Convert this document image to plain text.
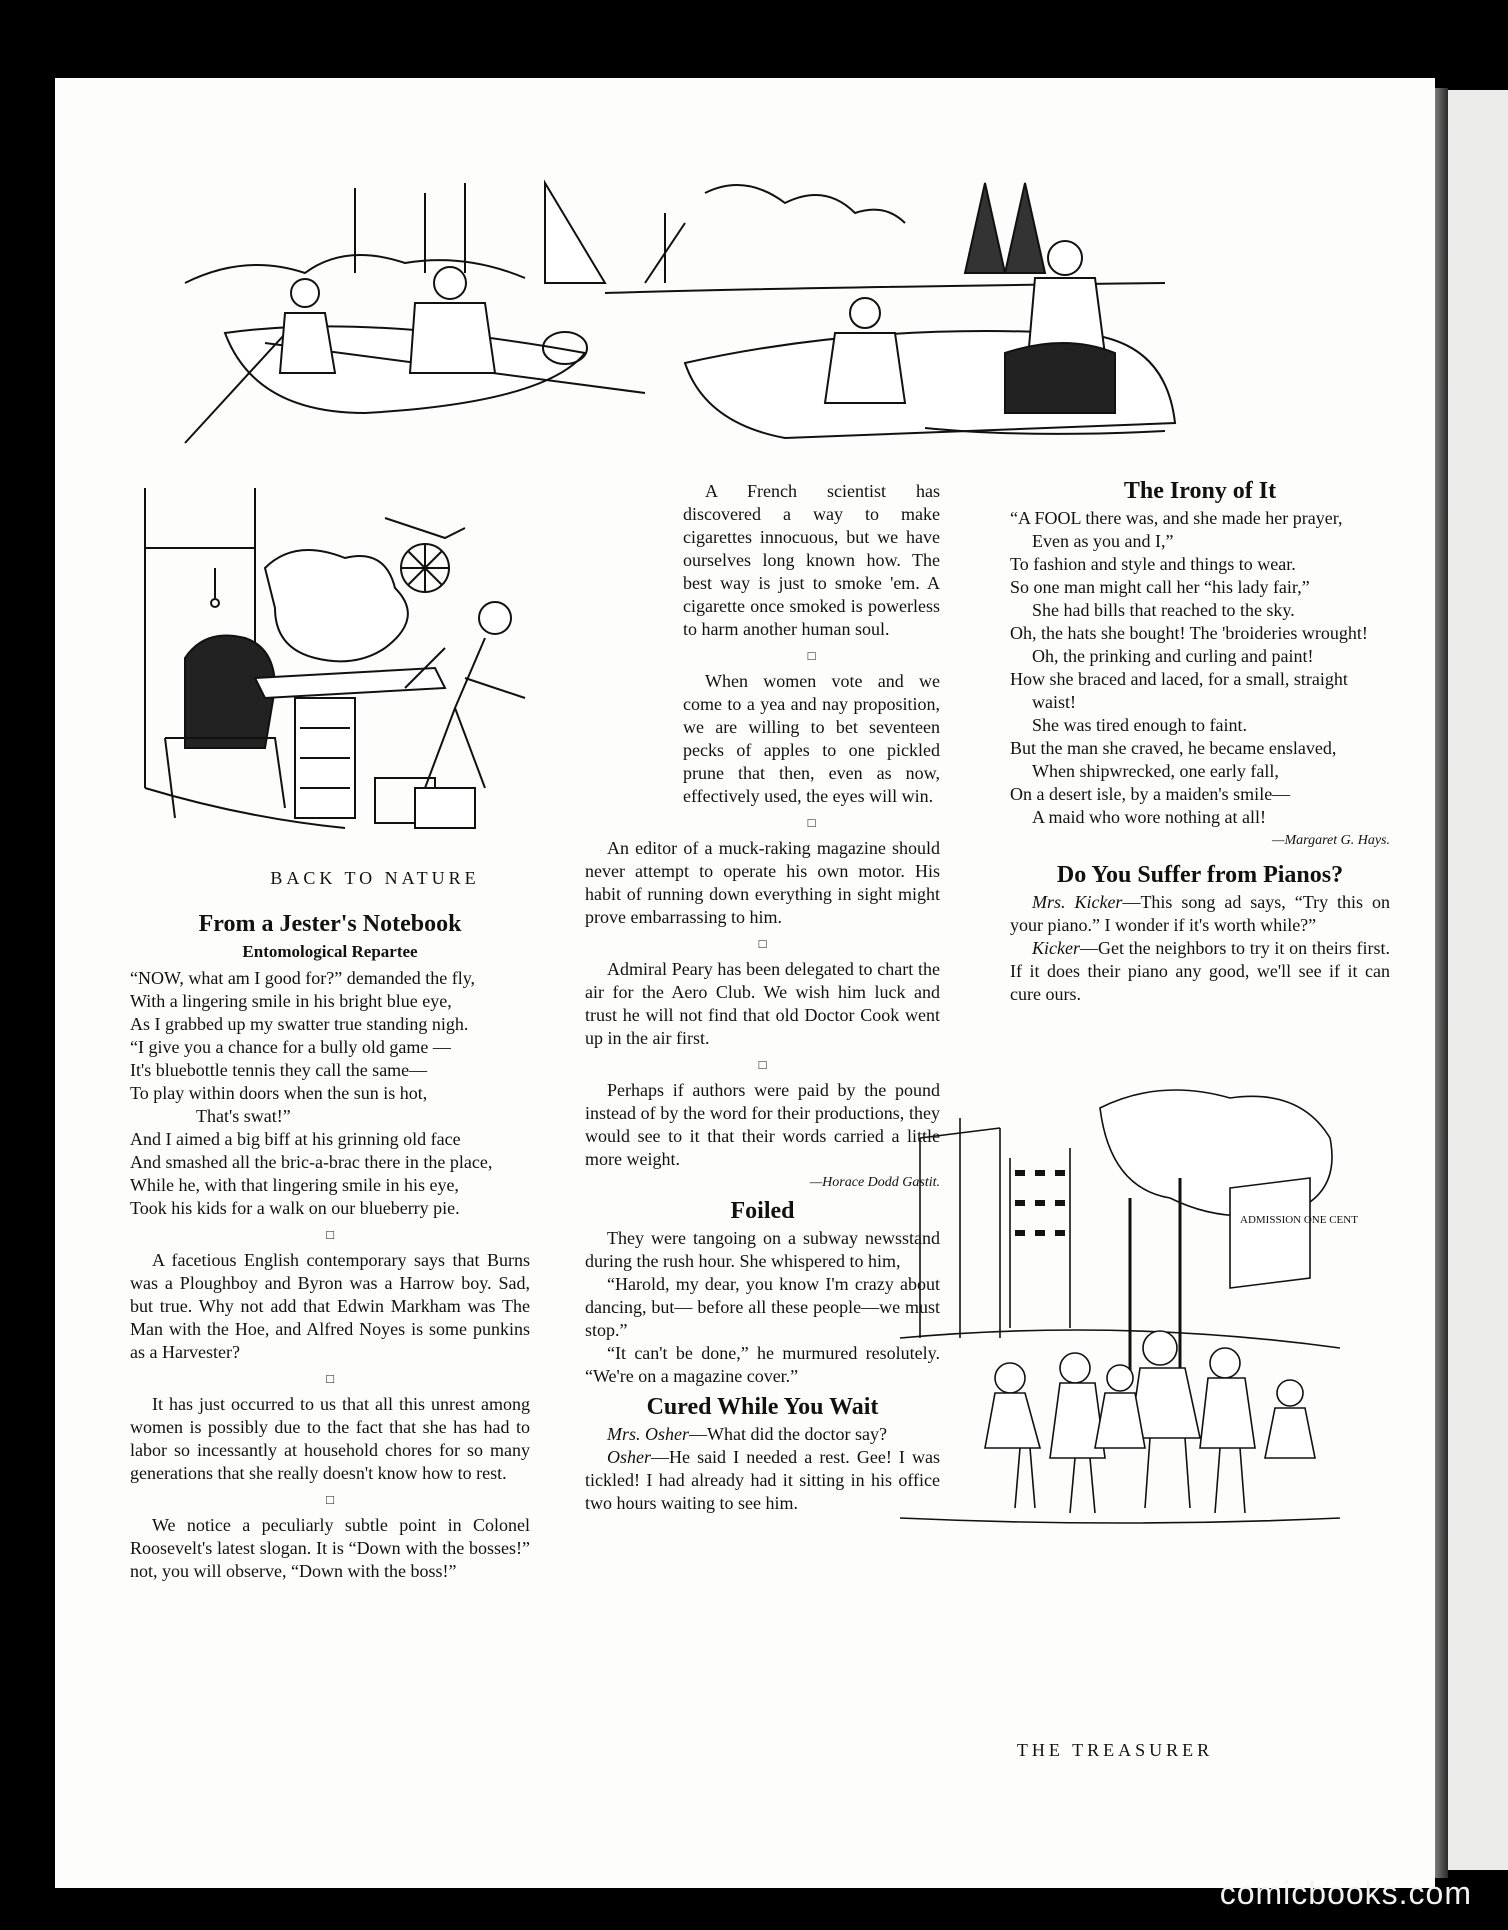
BACK TO NATURE
ADMISSION ONE CENT
THE TREASURER
From a Jester's Notebook
Entomological Repartee

“NOW, what am I good for?” demanded the fly,

With a lingering smile in his bright blue eye,

As I grabbed up my swatter true standing nigh.

“I give you a chance for a bully old game —

It's bluebottle tennis they call the same—

To play within doors when the sun is hot,

That's swat!”

And I aimed a big biff at his grinning old face

And smashed all the bric-a-brac there in the place,

While he, with that lingering smile in his eye,

Took his kids for a walk on our blueberry pie.

□

A facetious English contemporary says that Burns was a Ploughboy and Byron was a Harrow boy. Sad, but true. Why not add that Edwin Markham was The Man with the Hoe, and Alfred Noyes is some punkins as a Harvester?

□

It has just occurred to us that all this unrest among women is possibly due to the fact that she has had to labor so incessantly at household chores for so many generations that she really doesn't know how to rest.

□

We notice a peculiarly subtle point in Colonel Roosevelt's latest slogan. It is “Down with the bosses!” not, you will observe, “Down with the boss!”

A French scientist has discovered a way to make cigarettes innocuous, but we have ourselves long known how. The best way is just to smoke 'em. A cigarette once smoked is powerless to harm another human soul.

□

When women vote and we come to a yea and nay proposition, we are willing to bet seventeen pecks of apples to one pickled prune that then, even as now, effectively used, the eyes will win.

□

An editor of a muck-raking magazine should never attempt to operate his own motor. His habit of running down everything in sight might prove embarrassing to him.

□

Admiral Peary has been delegated to chart the air for the Aero Club. We wish him luck and trust he will not find that old Doctor Cook went up in the air first.

□

Perhaps if authors were paid by the pound instead of by the word for their productions, they would see to it that their words carried a little more weight.

—Horace Dodd Gastit.

Foiled

They were tangoing on a subway newsstand during the rush hour. She whispered to him,

“Harold, my dear, you know I'm crazy about dancing, but— before all these people—we must stop.”

“It can't be done,” he murmured resolutely. “We're on a magazine cover.”

Cured While You Wait

Mrs. Osher—What did the doctor say?

Osher—He said I needed a rest. Gee! I was tickled! I had already had it sitting in his office two hours waiting to see him.

The Irony of It

“A FOOL there was, and she made her prayer,

Even as you and I,”

To fashion and style and things to wear.

So one man might call her “his lady fair,”

She had bills that reached to the sky.

Oh, the hats she bought! The 'broideries wrought!

Oh, the prinking and curling and paint!

How she braced and laced, for a small, straight waist!

She was tired enough to faint.

But the man she craved, he became enslaved,

When shipwrecked, one early fall,

On a desert isle, by a maiden's smile—

A maid who wore nothing at all!

—Margaret G. Hays.

Do You Suffer from Pianos?

Mrs. Kicker—This song ad says, “Try this on your piano.” I wonder if it's worth while?”

Kicker—Get the neighbors to try it on theirs first. If it does their piano any good, we'll see if it can cure ours.

comicbooks.com
